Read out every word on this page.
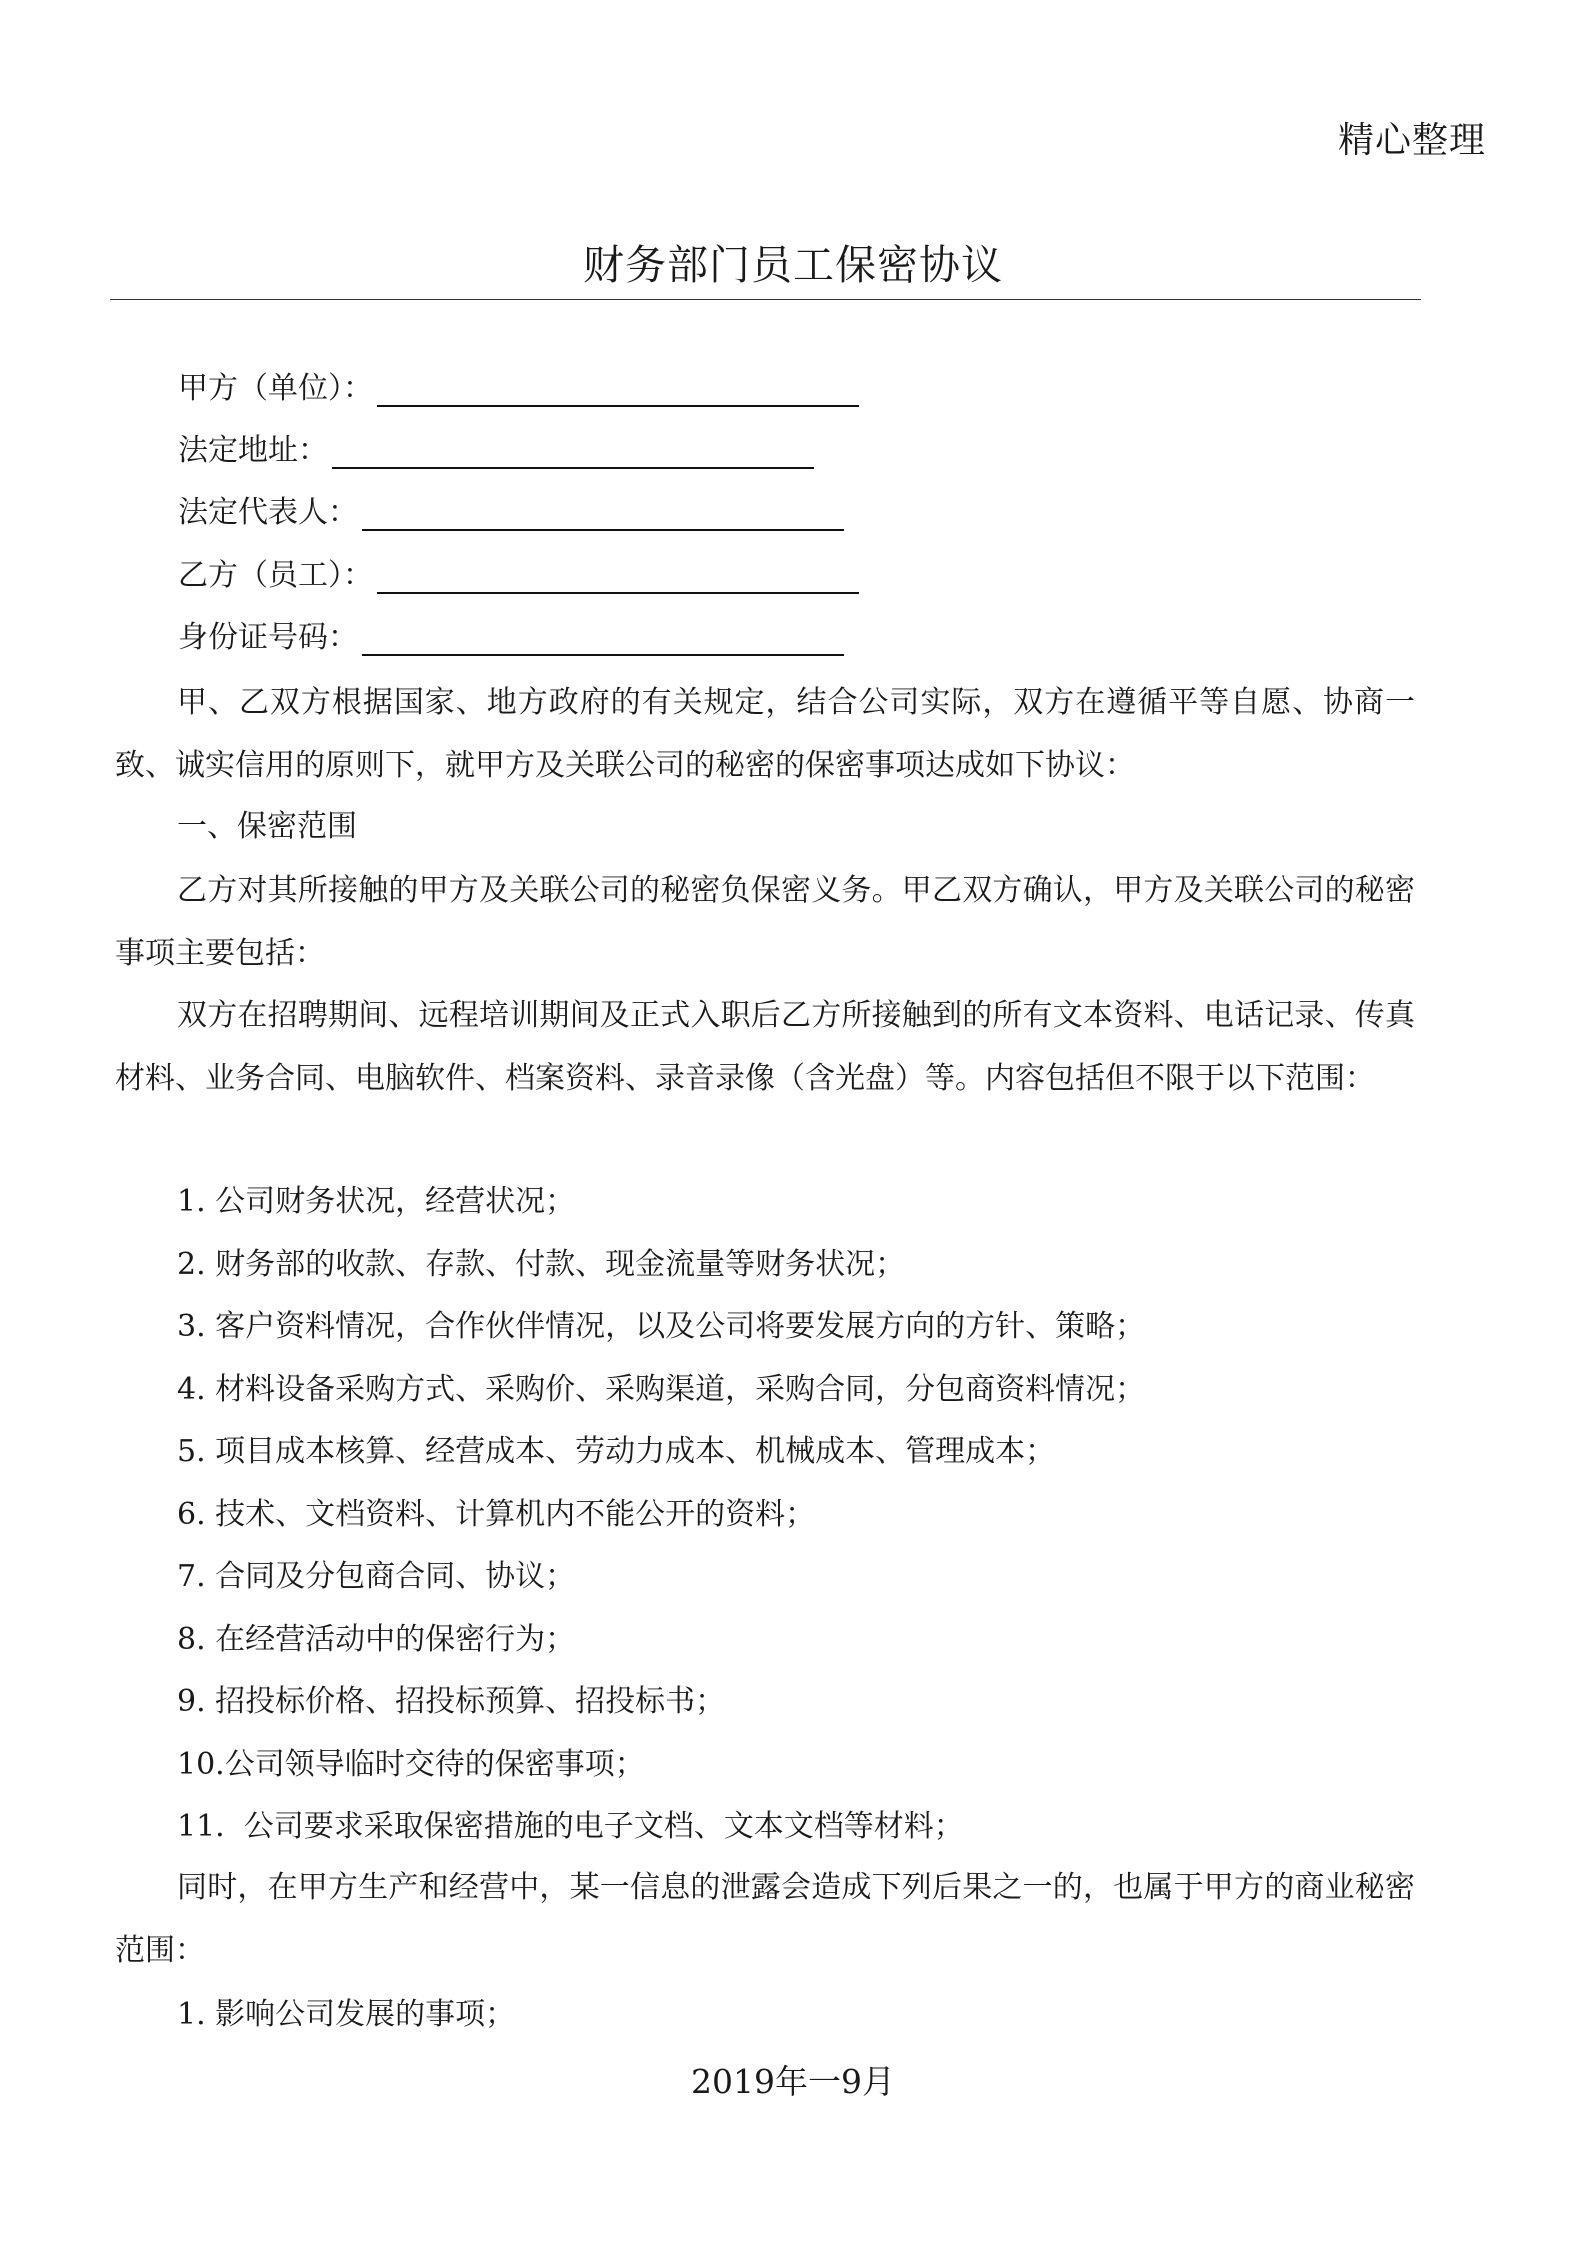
精心整理
财务部门员工保密协议
甲方（单位）：
法定地址：
法定代表人：
乙方（员工）：
身份证号码：
甲、乙双方根据国家、地方政府的有关规定，结合公司实际，双方在遵循平等自愿、协商一致、诚实信用的原则下，就甲方及关联公司的秘密的保密事项达成如下协议：
一、保密范围
乙方对其所接触的甲方及关联公司的秘密负保密义务。甲乙双方确认，甲方及关联公司的秘密事项主要包括：
双方在招聘期间、远程培训期间及正式入职后乙方所接触到的所有文本资料、电话记录、传真材料、业务合同、电脑软件、档案资料、录音录像（含光盘）等。内容包括但不限于以下范围：
1. 公司财务状况，经营状况；
2. 财务部的收款、存款、付款、现金流量等财务状况；
3. 客户资料情况，合作伙伴情况，以及公司将要发展方向的方针、策略；
4. 材料设备采购方式、采购价、采购渠道，采购合同，分包商资料情况；
5. 项目成本核算、经营成本、劳动力成本、机械成本、管理成本；
6. 技术、文档资料、计算机内不能公开的资料；
7. 合同及分包商合同、协议；
8. 在经营活动中的保密行为；
9. 招投标价格、招投标预算、招投标书；
10. 公司领导临时交待的保密事项；
11. 公司要求采取保密措施的电子文档、文本文档等材料；
同时，在甲方生产和经营中，某一信息的泄露会造成下列后果之一的，也属于甲方的商业秘密范围：
1. 影响公司发展的事项；
2019年一9月
